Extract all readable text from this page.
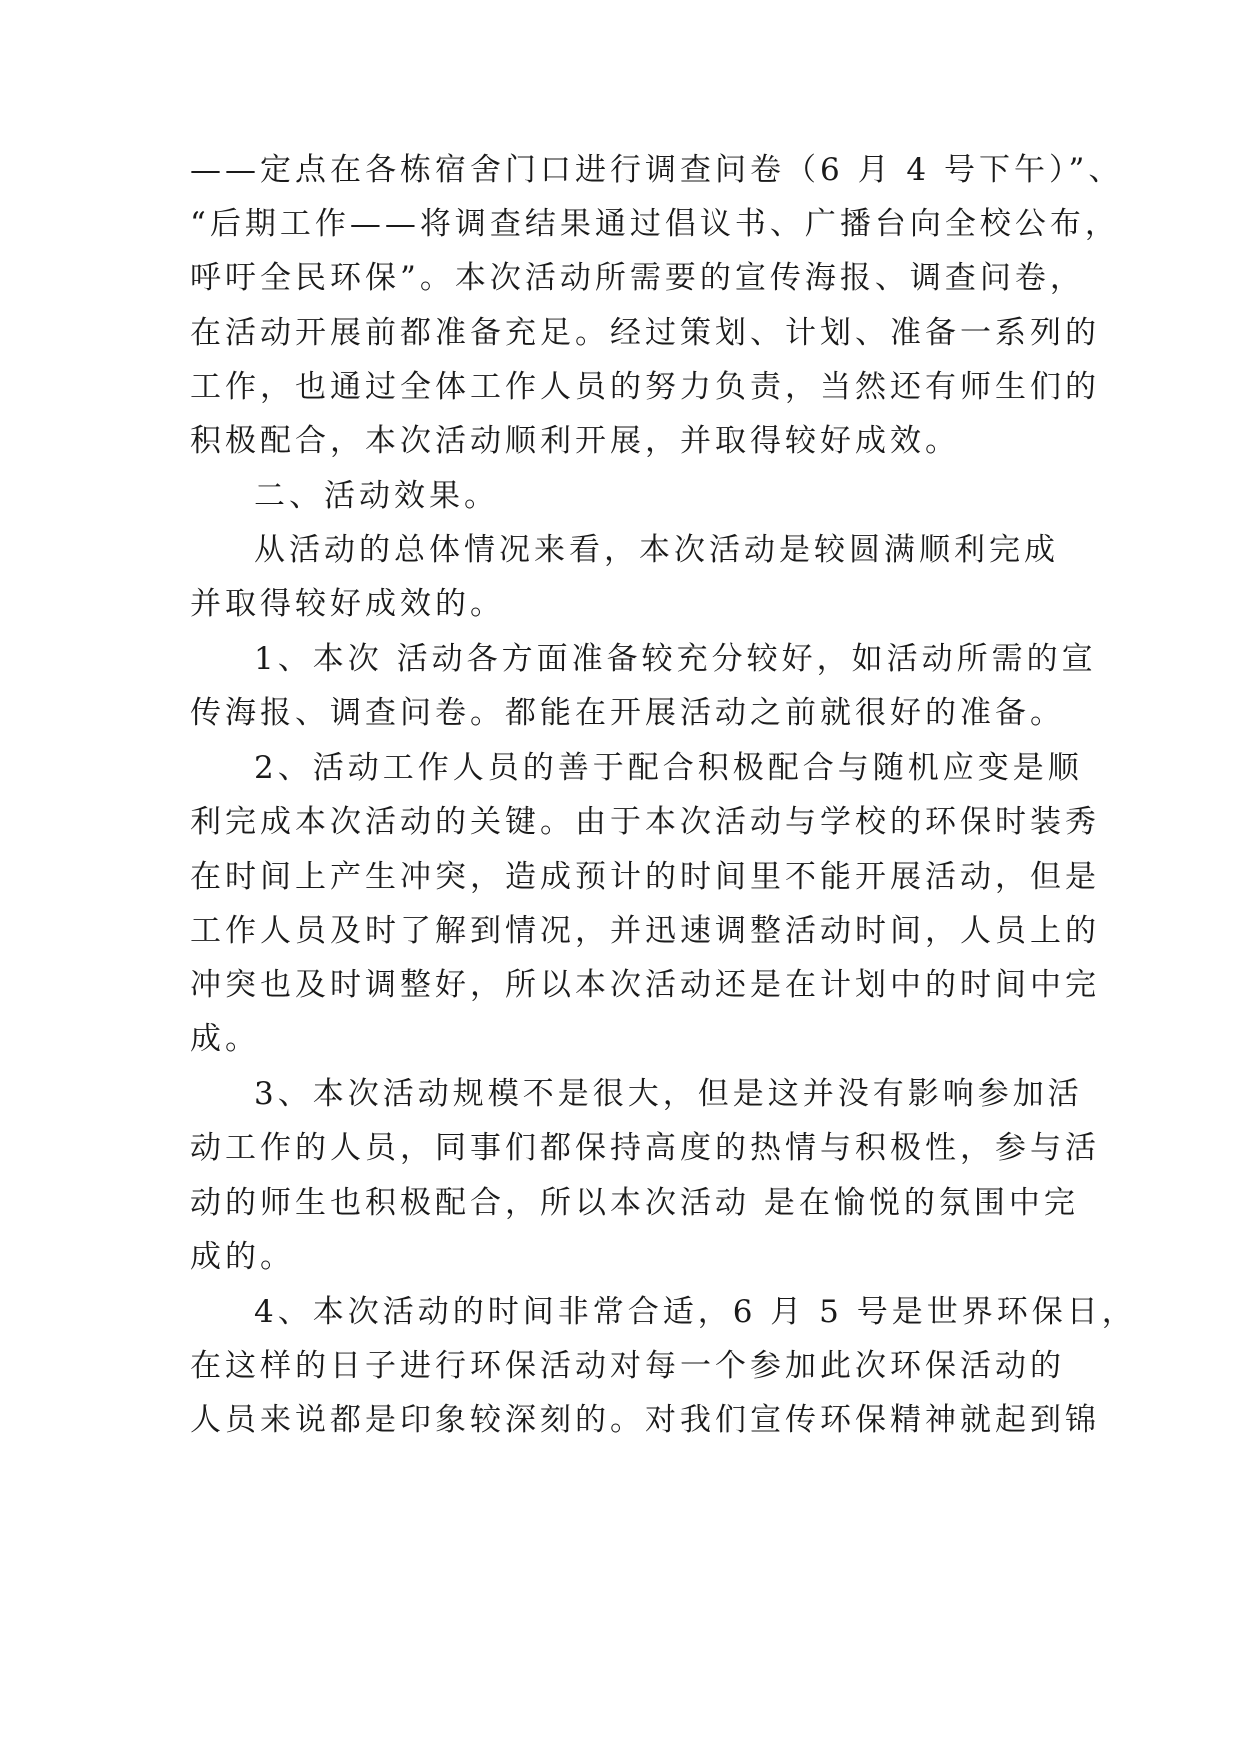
——定点在各栋宿舍门口进行调查问卷（6 月 4 号下午）”、
“后期工作——将调查结果通过倡议书、广播台向全校公布，
呼吁全民环保”。本次活动所需要的宣传海报、调查问卷，
在活动开展前都准备充足。经过策划、计划、准备一系列的
工作，也通过全体工作人员的努力负责，当然还有师生们的
积极配合，本次活动顺利开展，并取得较好成效。
二、活动效果。
从活动的总体情况来看，本次活动是较圆满顺利完成
并取得较好成效的。
1、本次 活动各方面准备较充分较好，如活动所需的宣
传海报、调查问卷。都能在开展活动之前就很好的准备。
2、活动工作人员的善于配合积极配合与随机应变是顺
利完成本次活动的关键。由于本次活动与学校的环保时装秀
在时间上产生冲突，造成预计的时间里不能开展活动，但是
工作人员及时了解到情况，并迅速调整活动时间，人员上的
冲突也及时调整好，所以本次活动还是在计划中的时间中完
成。
3、本次活动规模不是很大，但是这并没有影响参加活
动工作的人员，同事们都保持高度的热情与积极性，参与活
动的师生也积极配合，所以本次活动 是在愉悦的氛围中完
成的。
4、本次活动的时间非常合适，6 月 5 号是世界环保日，
在这样的日子进行环保活动对每一个参加此次环保活动的
人员来说都是印象较深刻的。对我们宣传环保精神就起到锦
